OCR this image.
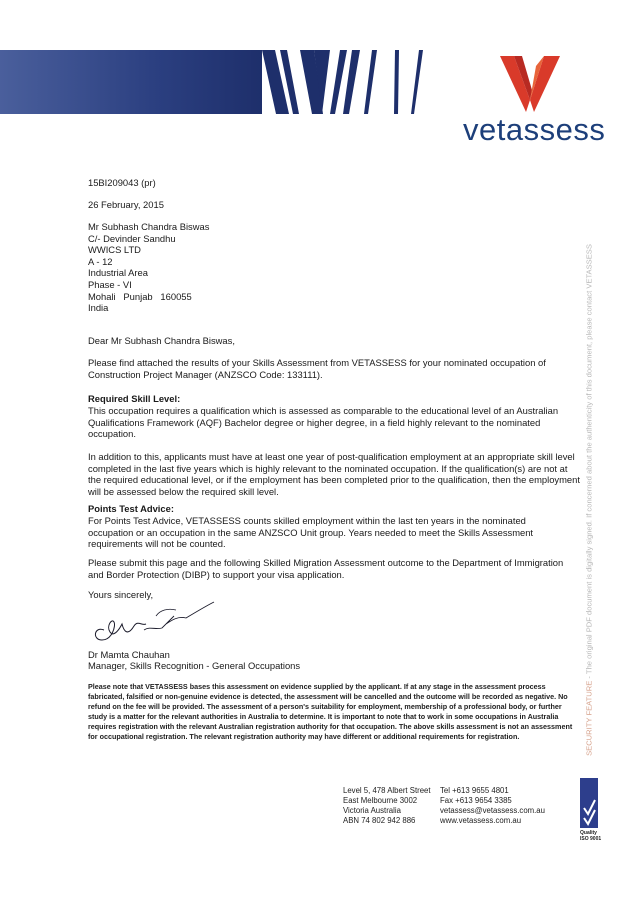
vetassess
15BI209043 (pr)
26 February, 2015
Mr Subhash Chandra Biswas
C/- Devinder Sandhu
WWICS LTD
A - 12
Industrial Area
Phase - VI
Mohali   Punjab   160055
India
Dear Mr Subhash Chandra Biswas,
Please find attached the results of your Skills Assessment from VETASSESS for your nominated occupation of
Construction Project Manager (ANZSCO Code: 133111).
Required Skill Level:
This occupation requires a qualification which is assessed as comparable to the educational level of an Australian
Qualifications Framework (AQF) Bachelor degree or higher degree, in a field highly relevant to the nominated
occupation.
In addition to this, applicants must have at least one year of post-qualification employment at an appropriate skill level
completed in the last five years which is highly relevant to the nominated occupation. If the qualification(s) are not at
the required educational level, or if the employment has been completed prior to the qualification, then the employment
will be assessed below the required skill level.
Points Test Advice:
For Points Test Advice, VETASSESS counts skilled employment within the last ten years in the nominated
occupation or an occupation in the same ANZSCO Unit group. Years needed to meet the Skills Assessment
requirements will not be counted.
Please submit this page and the following Skilled Migration Assessment outcome to the Department of Immigration
and Border Protection (DIBP) to support your visa application.
Yours sincerely,
Dr Mamta Chauhan
Manager, Skills Recognition - General Occupations
Please note that VETASSESS bases this assessment on evidence supplied by the applicant. If at any stage in the assessment process
fabricated, falsified or non-genuine evidence is detected, the assessment will be cancelled and the outcome will be recorded as negative. No
refund on the fee will be provided. The assessment of a person's suitability for employment, membership of a professional body, or further
study is a matter for the relevant authorities in Australia to determine. It is important to note that to work in some occupations in Australia
requires registration with the relevant Australian registration authority for that occupation. The above skills assessment is not an assessment
for occupational registration. The relevant registration authority may have different or additional requirements for registration.	SECURITY FEATURE - The original PDF document is digitally signed. If concerned about the authenticity of this document, please contact VETASSESS
Level 5, 478 Albert Street
East Melbourne 3002
Victoria Australia
ABN 74 802 942 886
Tel +613 9655 4801
Fax +613 9654 3385
vetassess@vetassess.com.au
www.vetassess.com.au
Quality
ISO 9001
